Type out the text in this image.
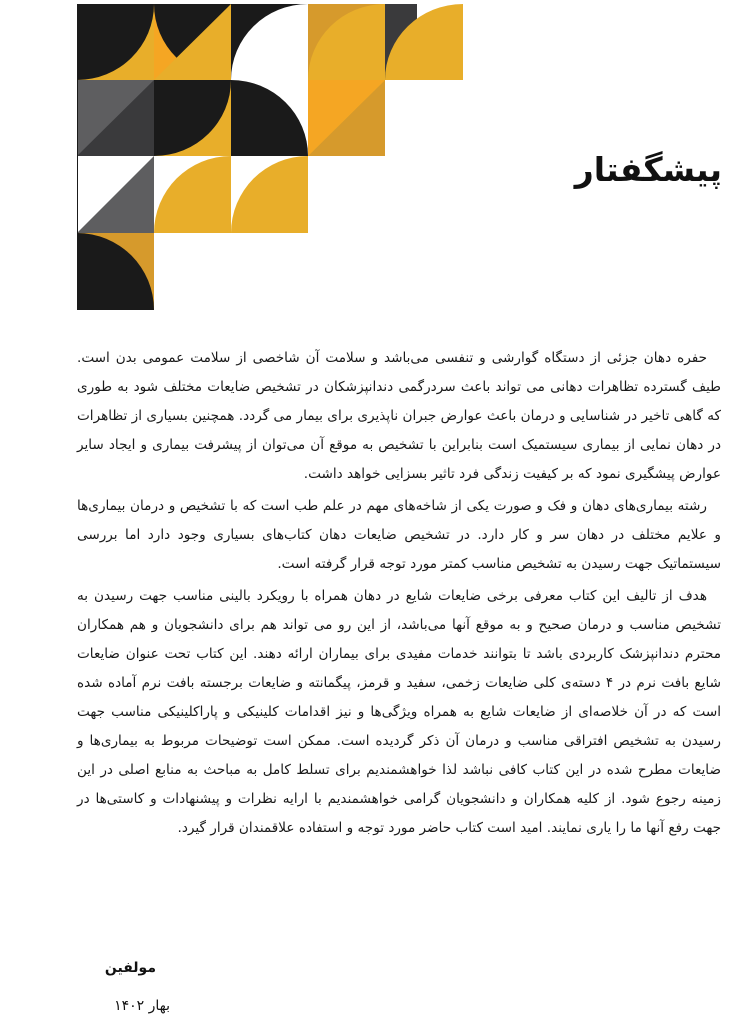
پیشگفتار

حفره دهان جزئی از دستگاه گوارشی و تنفسی می‌باشد و سلامت آن شاخصی از سلامت عمومی بدن است. طیف گسترده تظاهرات دهانی می تواند باعث سردرگمی دندانپزشکان در تشخیص ضایعات مختلف شود به طوری که گاهی تاخیر در شناسایی و درمان باعث عوارض جبران ناپذیری برای بیمار می گردد. همچنین بسیاری از تظاهرات در دهان نمایی از بیماری سیستمیک است بنابراین با تشخیص به موقع آن می‌توان از پیشرفت بیماری و ایجاد سایر عوارض پیشگیری نمود که بر کیفیت زندگی فرد تاثیر بسزایی خواهد داشت.

رشته بیماری‌های دهان و فک و صورت یکی از شاخه‌های مهم در علم طب است که با تشخیص و درمان بیماری‌ها و علایم مختلف در دهان سر و کار دارد. در تشخیص ضایعات دهان کتاب‌های بسیاری وجود دارد اما بررسی سیستماتیک جهت رسیدن به تشخیص مناسب کمتر مورد توجه قرار گرفته است.

هدف از تالیف این کتاب معرفی برخی ضایعات شایع در دهان همراه با رویکرد بالینی مناسب جهت رسیدن به تشخیص مناسب و درمان صحیح و به موقع آنها می‌باشد، از این رو می تواند هم برای دانشجویان و هم همکاران محترم دندانپزشک کاربردی باشد تا بتوانند خدمات مفیدی برای بیماران ارائه دهند. این کتاب تحت عنوان ضایعات شایع بافت نرم در ۴ دسته‌ی کلی ضایعات زخمی، سفید و قرمز، پیگمانته و ضایعات برجسته بافت نرم آماده شده است که در آن خلاصه‌ای از ضایعات شایع به همراه ویژگی‌ها و نیز اقدامات کلینیکی و پاراکلینیکی مناسب جهت رسیدن به تشخیص افتراقی مناسب و درمان آن ذکر گردیده است. ممکن است توضیحات مربوط به بیماری‌ها و ضایعات مطرح شده در این کتاب کافی نباشد لذا خواهشمندیم برای تسلط کامل به مباحث به منابع اصلی در این زمینه رجوع شود. از کلیه همکاران و دانشجویان گرامی خواهشمندیم با ارایه نظرات و پیشنهادات و کاستی‌ها در جهت رفع آنها ما را یاری نمایند. امید است کتاب حاضر مورد توجه و استفاده علاقمندان قرار گیرد.

مولفین
بهار ۱۴۰۲
